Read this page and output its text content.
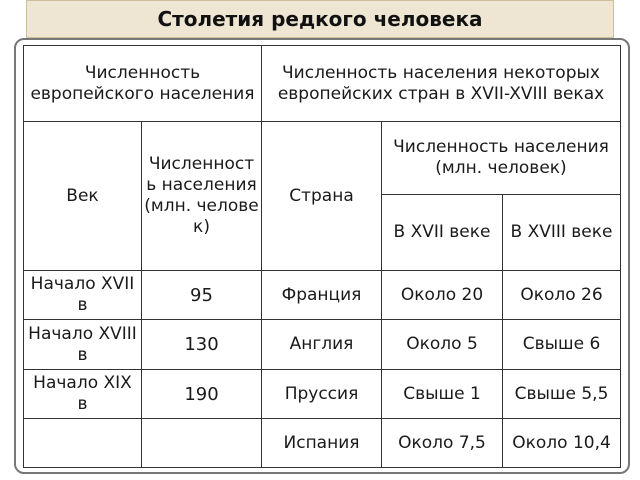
Столетия редкого человека
Численность европейского населения		Численность населения некоторых европейских стран в XVII-XVIII веках		
Век	Численность населения (млн. человек)	Страна	Численность населения
(млн. человек)	
			В XVII веке	В XVIII веке
Начало XVII в	95	Франция	Около 20	Около 26
Начало XVIII в	130	Англия	Около 5	Свыше 6
Начало XIX в	190	Пруссия	Свыше 1	Свыше 5,5
		Испания	Около 7,5	Около 10,4
